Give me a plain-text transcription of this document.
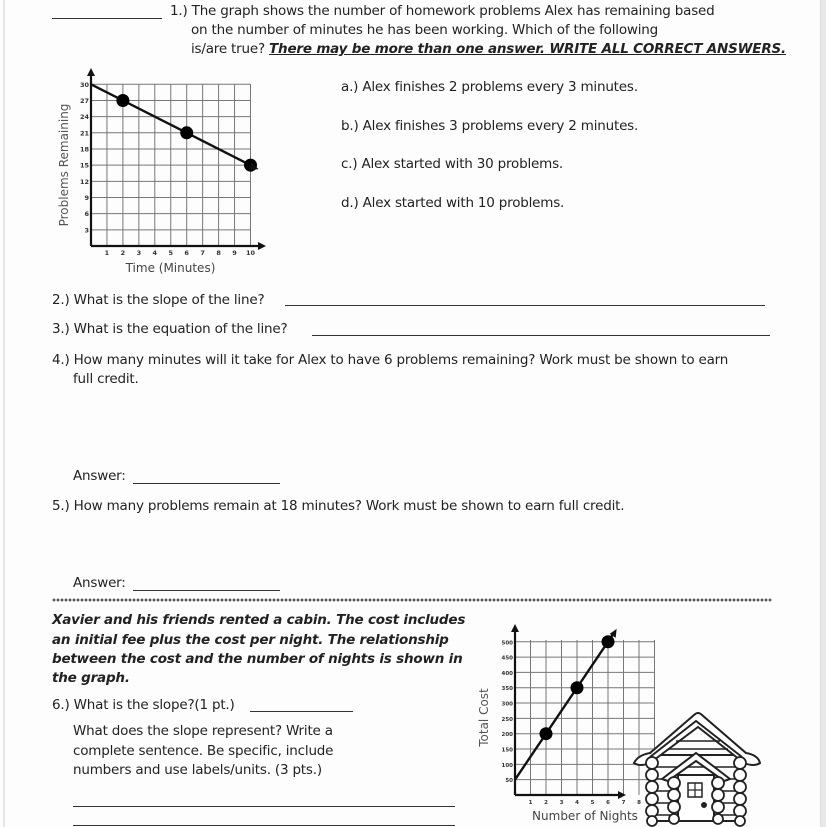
1.) The graph shows the number of homework problems Alex has remaining based
on the number of minutes he has been working. Which of the following
is/are true? There may be more than one answer. WRITE ALL CORRECT ANSWERS.
1 2 3 4 5 6 7 8 9 10
3
6
9
12
15
18
21
24
27
30
Time (Minutes)
Problems Remaining
a.) Alex finishes 2 problems every 3 minutes.
b.) Alex finishes 3 problems every 2 minutes.
c.) Alex started with 30 problems.
d.) Alex started with 10 problems.
2.) What is the slope of the line?
3.) What is the equation of the line?
4.) How many minutes will it take for Alex to have 6 problems remaining? Work must be shown to earn
full credit.
Answer:
5.) How many problems remain at 18 minutes? Work must be shown to earn full credit.
Answer:
Xavier and his friends rented a cabin. The cost includes
an initial fee plus the cost per night. The relationship
between the cost and the number of nights is shown in
the graph.
6.) What is the slope?(1 pt.)
What does the slope represent? Write a
complete sentence. Be specific, include
numbers and use labels/units. (3 pts.)
1 2 3 4 5 6 7 8
50
100
150
200
250
300
350
400
450
500
Number of Nights
Total Cost
